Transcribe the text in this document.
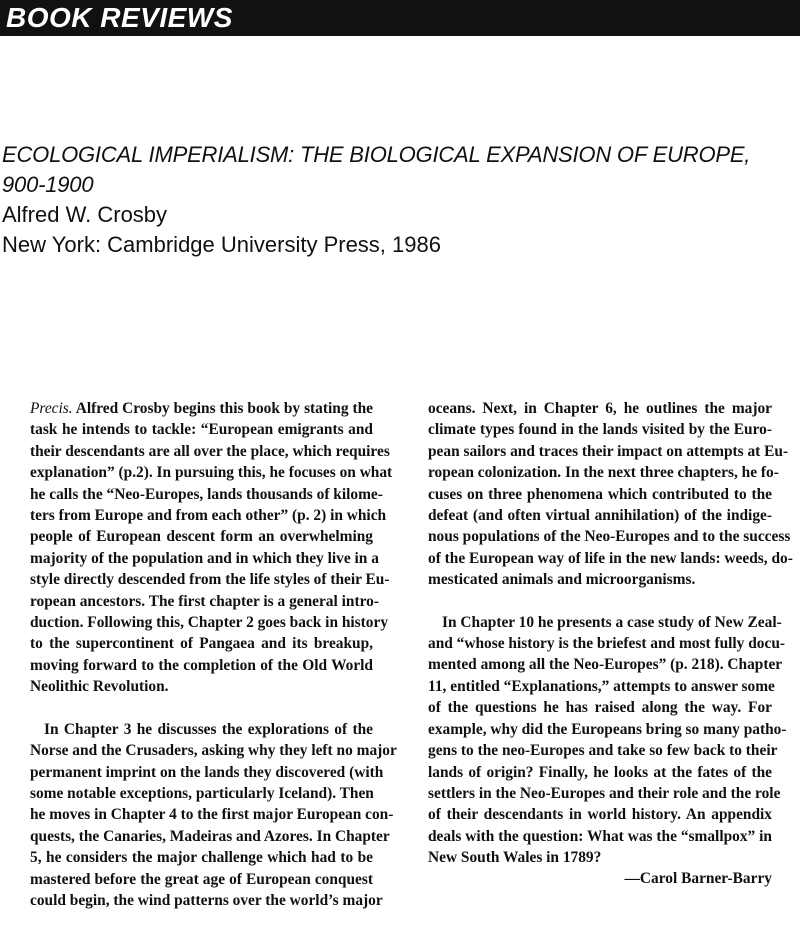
BOOK REVIEWS
ECOLOGICAL IMPERIALISM: THE BIOLOGICAL EXPANSION OF EUROPE,
900-1900
Alfred W. Crosby
New York: Cambridge University Press, 1986

Precis. Alfred Crosby begins this book by stating the
task he intends to tackle: “European emigrants and
their descendants are all over the place, which requires
explanation” (p.2). In pursuing this, he focuses on what
he calls the “Neo-Europes, lands thousands of kilome-
ters from Europe and from each other” (p. 2) in which
people of European descent form an overwhelming
majority of the population and in which they live in a
style directly descended from the life styles of their Eu-
ropean ancestors. The first chapter is a general intro-
duction. Following this, Chapter 2 goes back in history
to the supercontinent of Pangaea and its breakup,
moving forward to the completion of the Old World
Neolithic Revolution.

In Chapter 3 he discusses the explorations of the
Norse and the Crusaders, asking why they left no major
permanent imprint on the lands they discovered (with
some notable exceptions, particularly Iceland). Then
he moves in Chapter 4 to the first major European con-
quests, the Canaries, Madeiras and Azores. In Chapter
5, he considers the major challenge which had to be
mastered before the great age of European conquest
could begin, the wind patterns over the world’s major

oceans. Next, in Chapter 6, he outlines the major
climate types found in the lands visited by the Euro-
pean sailors and traces their impact on attempts at Eu-
ropean colonization. In the next three chapters, he fo-
cuses on three phenomena which contributed to the
defeat (and often virtual annihilation) of the indige-
nous populations of the Neo-Europes and to the success
of the European way of life in the new lands: weeds, do-
mesticated animals and microorganisms.

In Chapter 10 he presents a case study of New Zeal-
and “whose history is the briefest and most fully docu-
mented among all the Neo-Europes” (p. 218). Chapter
11, entitled “Explanations,” attempts to answer some
of the questions he has raised along the way. For
example, why did the Europeans bring so many patho-
gens to the neo-Europes and take so few back to their
lands of origin? Finally, he looks at the fates of the
settlers in the Neo-Europes and their role and the role
of their descendants in world history. An appendix
deals with the question: What was the “smallpox” in
New South Wales in 1789?

—Carol Barner-Barry
